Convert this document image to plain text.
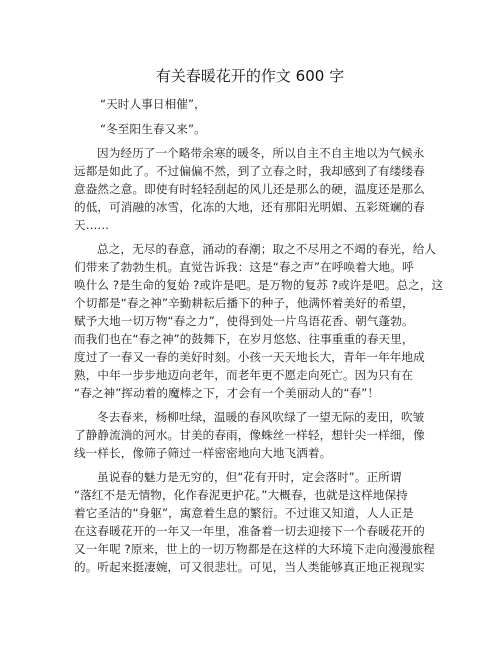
有关春暖花开的作文 600 字
“天时人事日相催”，
“冬至阳生春又来”。
因为经历了一个略带余寒的暖冬，所以自主不自主地以为气候永
远都是如此了。不过偏偏不然，到了立春之时，我却感到了有缕缕春
意盎然之意。即使有时轻轻刮起的风儿还是那么的硬，温度还是那么
的低，可消融的冰雪，化冻的大地，还有那阳光明媚、五彩斑斓的春
天……
总之，无尽的春意，涌动的春潮；取之不尽用之不竭的春光，给人
们带来了勃勃生机。直觉告诉我：这是“春之声”在呼唤着大地。呼
唤什么 ?是生命的复始 ?或许是吧。是万物的复苏 ?或许是吧。总之，这
个切都是“春之神”辛勤耕耘后播下的种子，他满怀着美好的希望，
赋予大地一切万物“春之力”，使得到处一片鸟语花香、朝气蓬勃。
而我们也在“春之神”的鼓舞下，在岁月悠悠、往事重重的春天里，
度过了一春又一春的美好时刻。小孩一天天地长大，青年一年年地成
熟，中年一步步地迈向老年，而老年更不愿走向死亡。因为只有在
“春之神”挥动着的魔棒之下，才会有一个美丽动人的“春”！
冬去春来，杨柳吐绿，温暖的春风吹绿了一望无际的麦田，吹皱
了静静流淌的河水。甘美的春雨，像蛛丝一样轻，想针尖一样细，像
线一样长，像筛子筛过一样密密地向大地飞洒着。
虽说春的魅力是无穷的，但“花有开时，定会落时”。正所谓
“落红不是无情物，化作春泥更护花。”大概春，也就是这样地保持
着它圣洁的“身躯”，寓意着生息的繁衍。不过谁又知道，人人正是
在这春暖花开的一年又一年里，准备着一切去迎接下一个春暖花开的
又一年呢 ?原来，世上的一切万物都是在这样的大环境下走向漫漫旅程
的。听起来挺凄婉，可又很悲壮。可见，当人类能够真正地正视现实
